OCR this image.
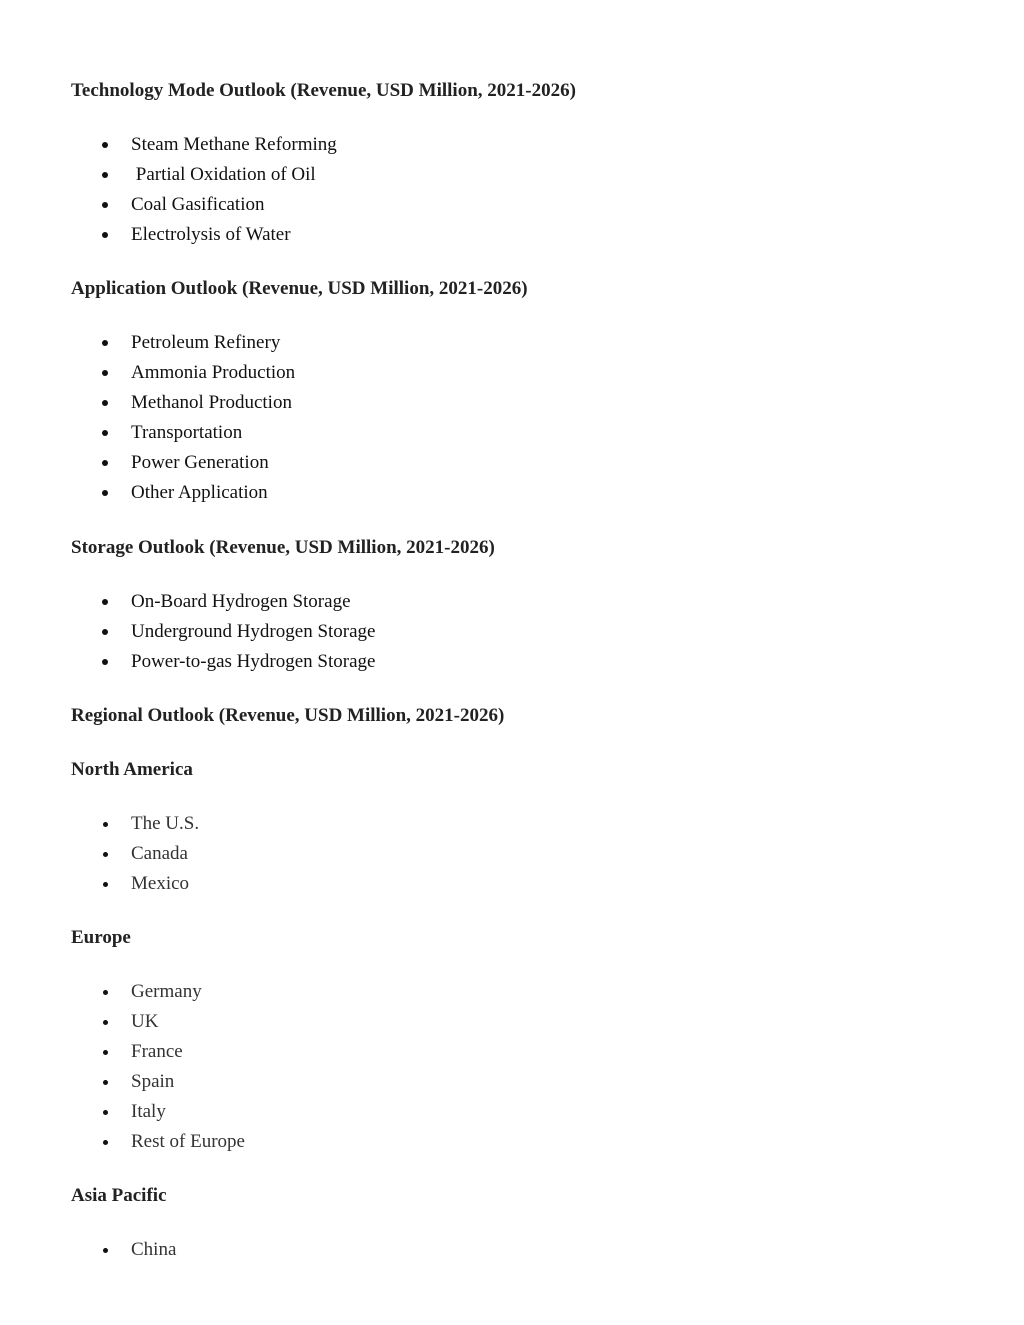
Technology Mode Outlook (Revenue, USD Million, 2021-2026)
Steam Methane Reforming
Partial Oxidation of Oil
Coal Gasification
Electrolysis of Water
Application Outlook (Revenue, USD Million, 2021-2026)
Petroleum Refinery
Ammonia Production
Methanol Production
Transportation
Power Generation
Other Application
Storage Outlook (Revenue, USD Million, 2021-2026)
On-Board Hydrogen Storage
Underground Hydrogen Storage
Power-to-gas Hydrogen Storage
Regional Outlook (Revenue, USD Million, 2021-2026)
North America
The U.S.
Canada
Mexico
Europe
Germany
UK
France
Spain
Italy
Rest of Europe
Asia Pacific
China
